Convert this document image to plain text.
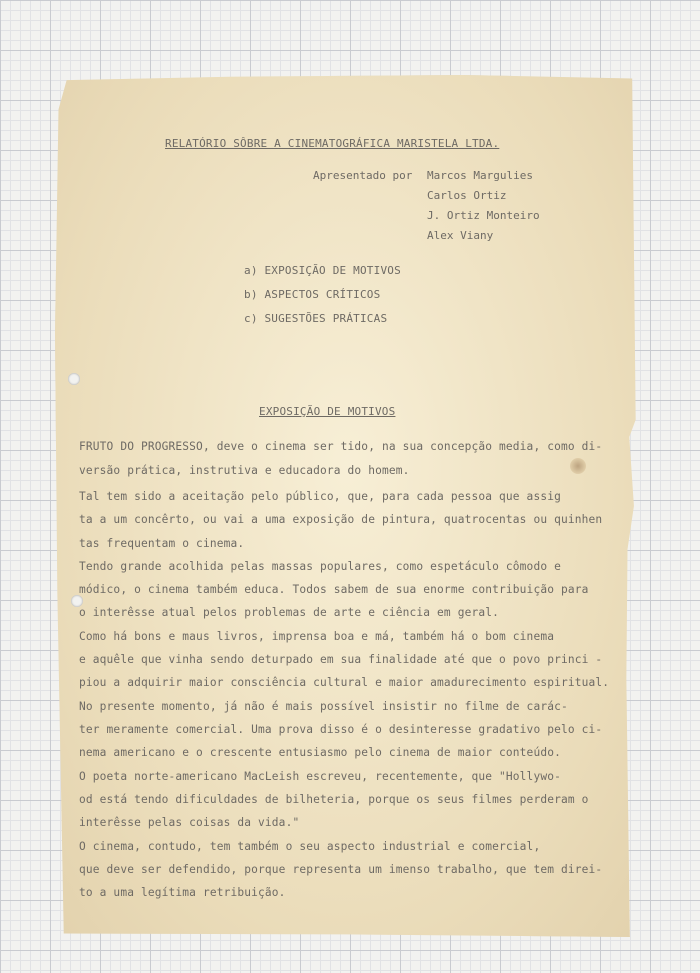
RELATÓRIO SÔBRE A CINEMATOGRÁFICA MARISTELA LTDA.
Apresentado por Marcos Margulies
Carlos Ortiz
J. Ortiz Monteiro
Alex Viany
a) EXPOSIÇÃO DE MOTIVOS
b) ASPECTOS CRÍTICOS
c) SUGESTÕES PRÁTICAS
EXPOSIÇÃO DE MOTIVOS
FRUTO DO PROGRESSO, deve o cinema ser tido, na sua concepção media, como di-
versão prática, instrutiva e educadora do homem.
Tal tem sido a aceitação pelo público, que, para cada pessoa que assig
ta a um concêrto, ou vai a uma exposição de pintura, quatrocentas ou quinhen
tas frequentam o cinema.
Tendo grande acolhida pelas massas populares, como espetáculo cômodo e
módico, o cinema também educa. Todos sabem de sua enorme contribuição para
o interêsse atual pelos problemas de arte e ciência em geral.
Como há bons e maus livros, imprensa boa e má, também há o bom cinema
e aquêle que vinha sendo deturpado em sua finalidade até que o povo princi -
piou a adquirir maior consciência cultural e maior amadurecimento espiritual.
No presente momento, já não é mais possível insistir no filme de carác-
ter meramente comercial. Uma prova disso é o desinteresse gradativo pelo ci-
nema americano e o crescente entusiasmo pelo cinema de maior conteúdo.
O poeta norte-americano MacLeish escreveu, recentemente, que "Hollywo-
od está tendo dificuldades de bilheteria, porque os seus filmes perderam o
interêsse pelas coisas da vida."
O cinema, contudo, tem também o seu aspecto industrial e comercial,
que deve ser defendido, porque representa um imenso trabalho, que tem direi-
to a uma legítima retribuição.
